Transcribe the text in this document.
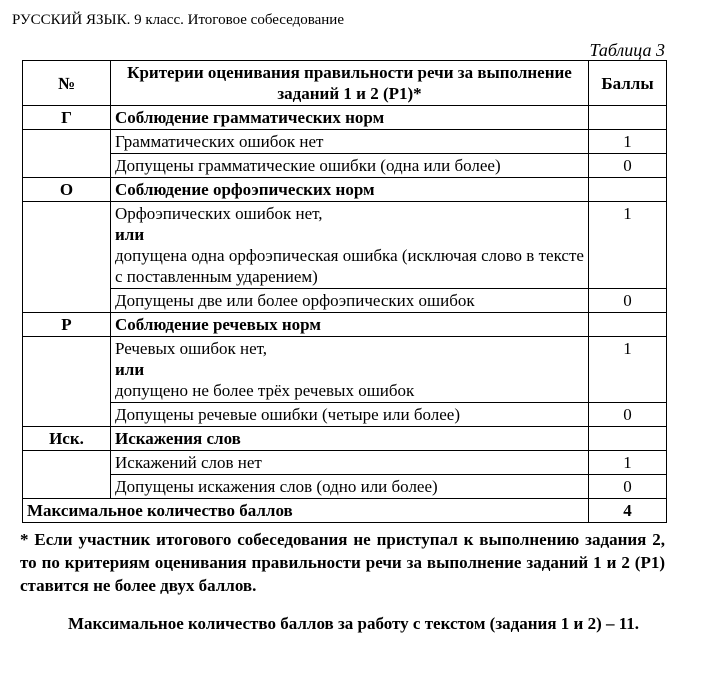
РУССКИЙ ЯЗЫК. 9 класс. Итоговое собеседование
Таблица 3
№	Критерии оценивания правильности речи за выполнение заданий 1 и 2 (Р1)*	Баллы
Г	Соблюдение грамматических норм	

	Грамматических ошибок нет	1

	Допущены грамматические ошибки (одна или более)	0
О	Соблюдение орфоэпических норм	

	Орфоэпических ошибок нет,
или
допущена одна орфоэпическая ошибка (исключая слово в тексте с поставленным ударением)	1

	Допущены две или более орфоэпических ошибок	0
Р	Соблюдение речевых норм	

	Речевых ошибок нет,
или
допущено не более трёх речевых ошибок	1

	Допущены речевые ошибки (четыре или более)	0
Иск.	Искажения слов	

	Искажений слов нет	1

	Допущены искажения слов (одно или более)	0
Максимальное количество баллов		4
* Если участник итогового собеседования не приступал к выполнению задания 2, то по критериям оценивания правильности речи за выполнение заданий 1 и 2 (Р1) ставится не более двух баллов.
Максимальное количество баллов за работу с текстом (задания 1 и 2) – 11.
